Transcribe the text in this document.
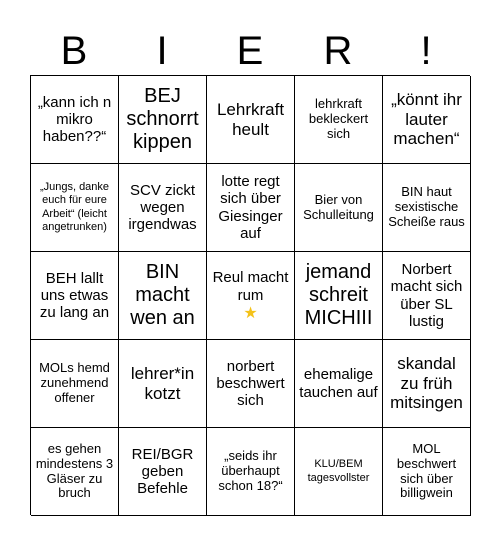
B	I	E	R	!
„kann ich n mikro haben??“
BEJ schnorrt kippen
Lehrkraft heult
lehrkraft bekleckert sich
„könnt ihr lauter machen“
„Jungs, danke euch für eure Arbeit“ (leicht angetrunken)
SCV zickt wegen irgendwas
lotte regt sich über Giesinger auf
Bier von Schulleitung
BIN haut sexistische Scheiße raus
BEH lallt uns etwas zu lang an
BIN macht wen an
Reul macht rum
★
jemand schreit MICHIII
Norbert macht sich über SL lustig
MOLs hemd zunehmend offener
lehrer*in kotzt
norbert beschwert sich
ehemalige tauchen auf
skandal zu früh mitsingen
es gehen mindestens 3 Gläser zu bruch
REI/BGR geben Befehle
„seids ihr überhaupt schon 18?“
KLU/BEM tagesvollster
MOL beschwert sich über billigwein
